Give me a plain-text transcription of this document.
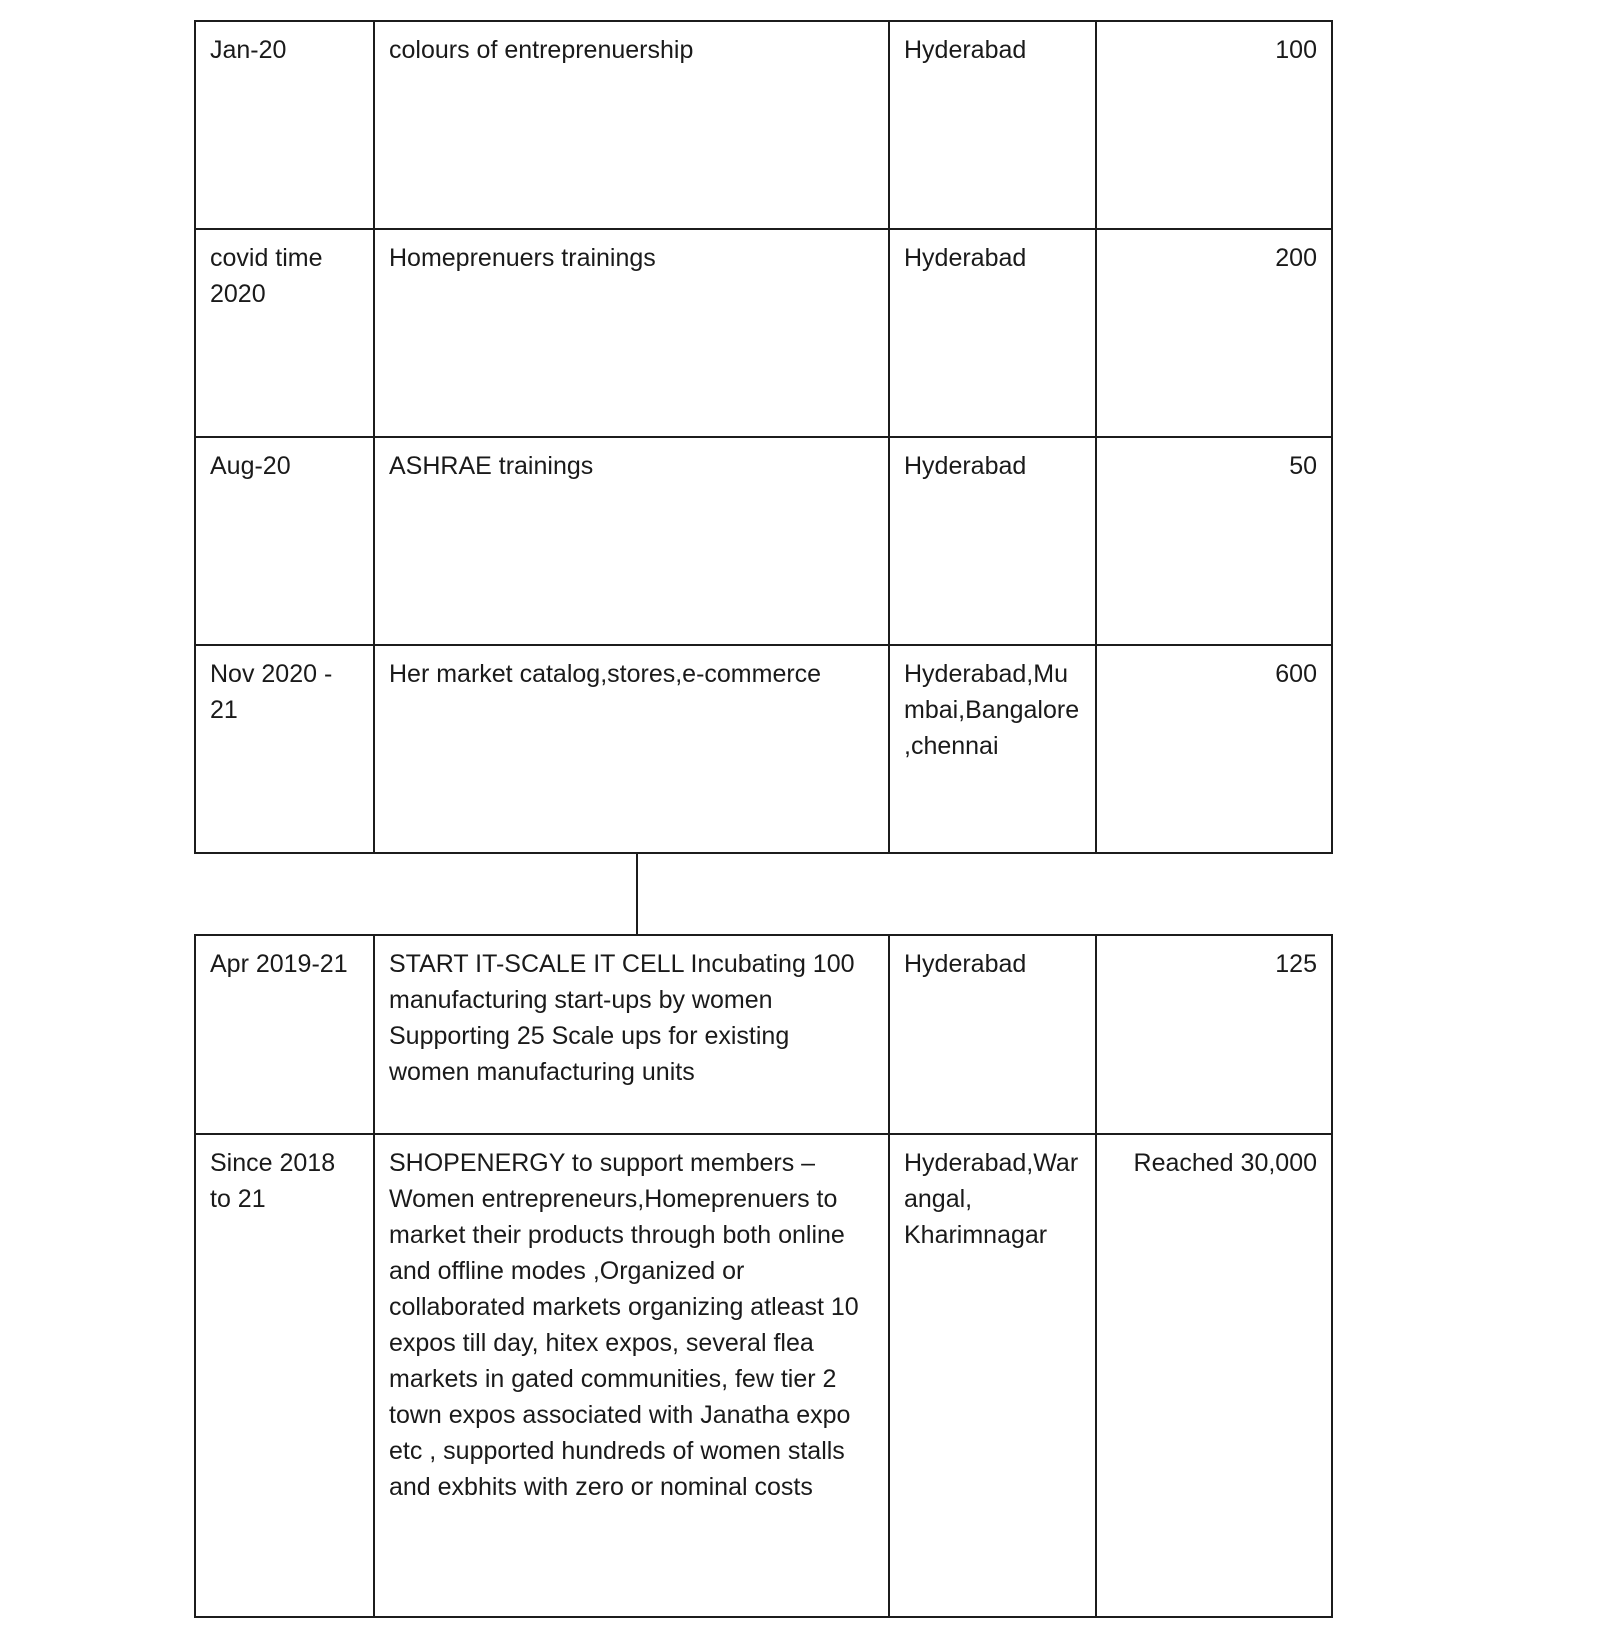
Jan-20	colours of entreprenuership	Hyderabad	100
covid time 2020	Homeprenuers trainings	Hyderabad	200
Aug-20	ASHRAE trainings	Hyderabad	50
Nov 2020 - 21	Her market catalog,stores,e-commerce	Hyderabad,Mumbai,Bangalore,chennai	600
Apr 2019-21	START IT-SCALE IT CELL Incubating 100 manufacturing start-ups by women Supporting 25 Scale ups for existing women manufacturing units	Hyderabad	125
Since 2018 to 21	SHOPENERGY to support members – Women entrepreneurs,Homeprenuers to market their products through both online and offline modes ,Organized or collaborated markets organizing atleast 10 expos till day, hitex expos, several flea markets in gated communities, few tier 2 town expos associated with Janatha expo etc , supported hundreds of women stalls and exbhits with zero or nominal costs	Hyderabad,Warangal, Kharimnagar	Reached 30,000
